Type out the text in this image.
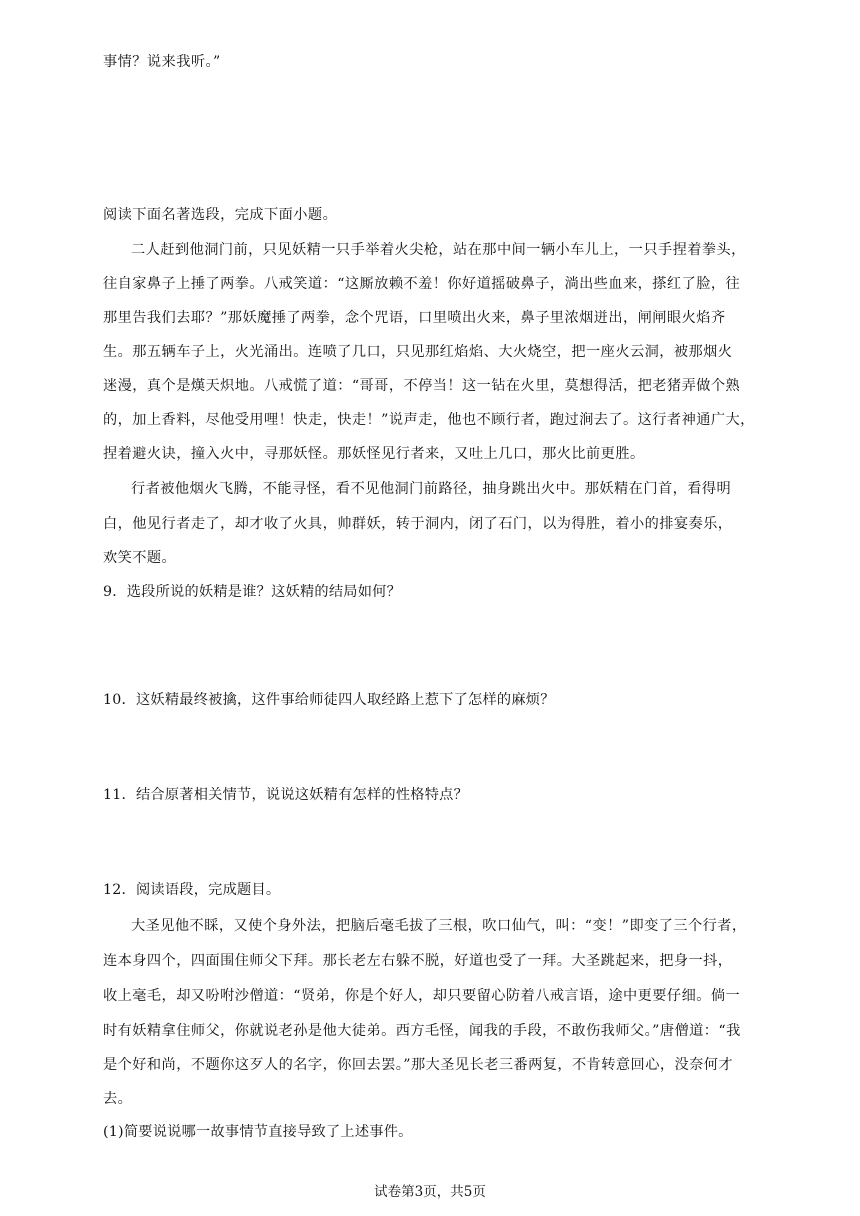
事情？说来我听。”
阅读下面名著选段，完成下面小题。
二人赶到他洞门前，只见妖精一只手举着火尖枪，站在那中间一辆小车儿上，一只手捏着拳头，
往自家鼻子上捶了两拳。八戒笑道：“这厮放赖不羞！你好道摇破鼻子，淌出些血来，搽红了脸，往
那里告我们去耶？”那妖魔捶了两拳，念个咒语，口里喷出火来，鼻子里浓烟迸出，闸闸眼火焰齐
生。那五辆车子上，火光涌出。连喷了几口，只见那红焰焰、大火烧空，把一座火云洞，被那烟火
迷漫，真个是熯天炽地。八戒慌了道：“哥哥，不停当！这一钻在火里，莫想得活，把老猪弄做个熟
的，加上香料，尽他受用哩！快走，快走！”说声走，他也不顾行者，跑过涧去了。这行者神通广大，
捏着避火诀，撞入火中，寻那妖怪。那妖怪见行者来，又吐上几口，那火比前更胜。
行者被他烟火飞腾，不能寻怪，看不见他洞门前路径，抽身跳出火中。那妖精在门首，看得明
白，他见行者走了，却才收了火具，帅群妖，转于洞内，闭了石门，以为得胜，着小的排宴奏乐，
欢笑不题。
9．选段所说的妖精是谁？这妖精的结局如何？
10．这妖精最终被擒，这件事给师徒四人取经路上惹下了怎样的麻烦？
11．结合原著相关情节，说说这妖精有怎样的性格特点？
12．阅读语段，完成题目。
大圣见他不睬，又使个身外法，把脑后毫毛拔了三根，吹口仙气，叫：“变！”即变了三个行者，
连本身四个，四面围住师父下拜。那长老左右躲不脱，好道也受了一拜。大圣跳起来，把身一抖，
收上毫毛，却又吩咐沙僧道：“贤弟，你是个好人，却只要留心防着八戒言语，途中更要仔细。倘一
时有妖精拿住师父，你就说老孙是他大徒弟。西方毛怪，闻我的手段，不敢伤我师父。”唐僧道：“我
是个好和尚，不题你这歹人的名字，你回去罢。”那大圣见长老三番两复，不肯转意回心，没奈何才
去。
(1)简要说说哪一故事情节直接导致了上述事件。
试卷第3页，共5页
